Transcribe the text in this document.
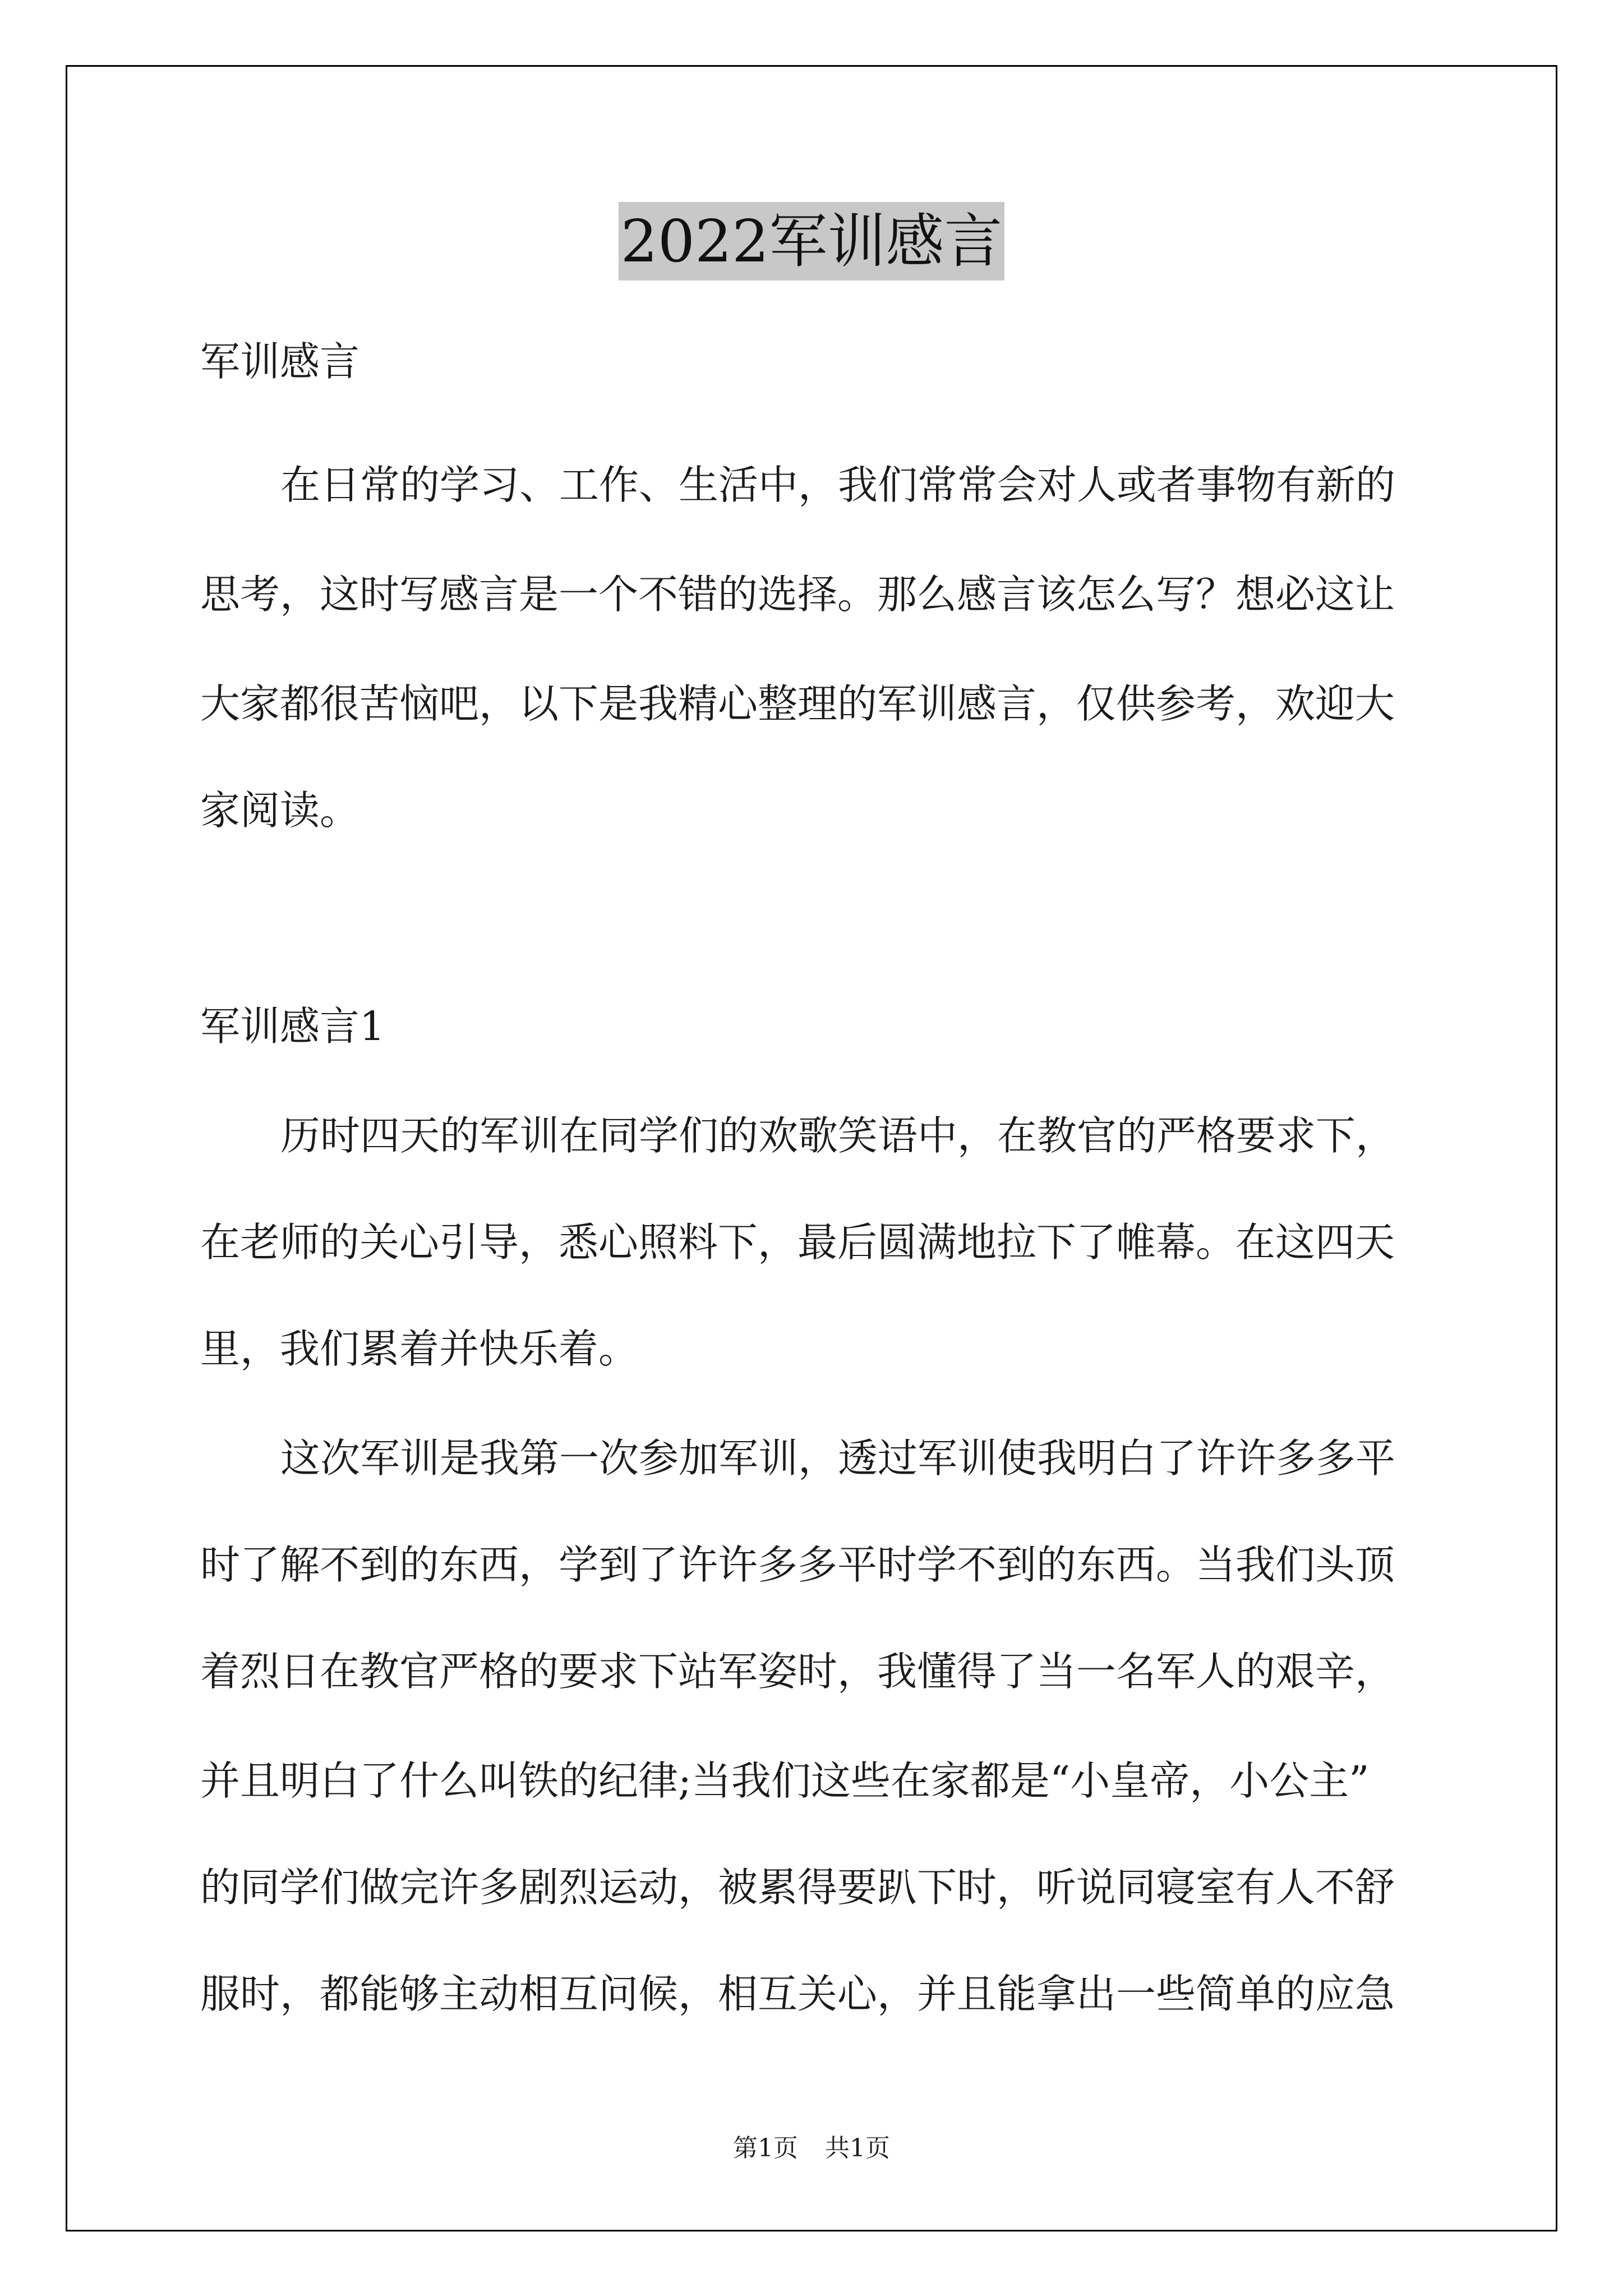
2022军训感言
军训感言
在日常的学习、工作、生活中，我们常常会对人或者事物有新的
思考，这时写感言是一个不错的选择。那么感言该怎么写？想必这让
大家都很苦恼吧，以下是我精心整理的军训感言，仅供参考，欢迎大
家阅读。
军训感言1
历时四天的军训在同学们的欢歌笑语中，在教官的严格要求下，
在老师的关心引导，悉心照料下，最后圆满地拉下了帷幕。在这四天
里，我们累着并快乐着。
这次军训是我第一次参加军训，透过军训使我明白了许许多多平
时了解不到的东西，学到了许许多多平时学不到的东西。当我们头顶
着烈日在教官严格的要求下站军姿时，我懂得了当一名军人的艰辛，
并且明白了什么叫铁的纪律;当我们这些在家都是“小皇帝，小公主”
的同学们做完许多剧烈运动，被累得要趴下时，听说同寝室有人不舒
服时，都能够主动相互问候，相互关心，并且能拿出一些简单的应急
第1页 共1页
